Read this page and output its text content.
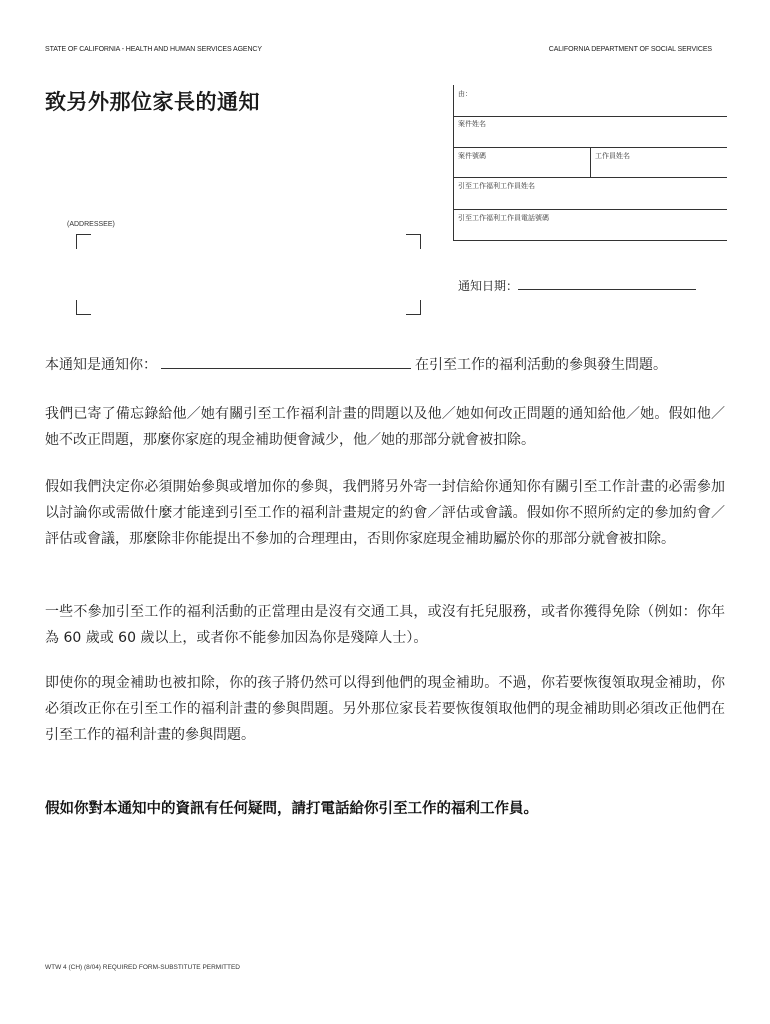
STATE OF CALIFORNIA - HEALTH AND HUMAN SERVICES AGENCY	CALIFORNIA DEPARTMENT OF SOCIAL SERVICES
致另外那位家長的通知	由：
案件姓名
案件號碼	工作員姓名
引至工作福利工作員姓名
引至工作福利工作員電話號碼
(ADDRESSEE)
通知日期：
本通知是通知你：	在引至工作的福利活動的參與發生問題。
我們已寄了備忘錄給他／她有關引至工作福利計畫的問題以及他／她如何改正問題的通知給他／她。假如他／她不改正問題，那麼你家庭的現金補助便會減少，他／她的那部分就會被扣除。
假如我們決定你必須開始參與或增加你的參與，我們將另外寄一封信給你通知你有關引至工作計畫的必需參加以討論你或需做什麼才能達到引至工作的福利計畫規定的約會／評估或會議。假如你不照所約定的參加約會／評估或會議，那麼除非你能提出不參加的合理理由，否則你家庭現金補助屬於你的那部分就會被扣除。
一些不參加引至工作的福利活動的正當理由是沒有交通工具，或沒有托兒服務，或者你獲得免除（例如：你年為 60 歲或 60 歲以上，或者你不能參加因為你是殘障人士）。
即使你的現金補助也被扣除，你的孩子將仍然可以得到他們的現金補助。不過，你若要恢復領取現金補助，你必須改正你在引至工作的福利計畫的參與問題。另外那位家長若要恢復領取他們的現金補助則必須改正他們在引至工作的福利計畫的參與問題。
假如你對本通知中的資訊有任何疑問，請打電話給你引至工作的福利工作員。
WTW 4 (CH) (8/04) REQUIRED FORM-SUBSTITUTE PERMITTED
